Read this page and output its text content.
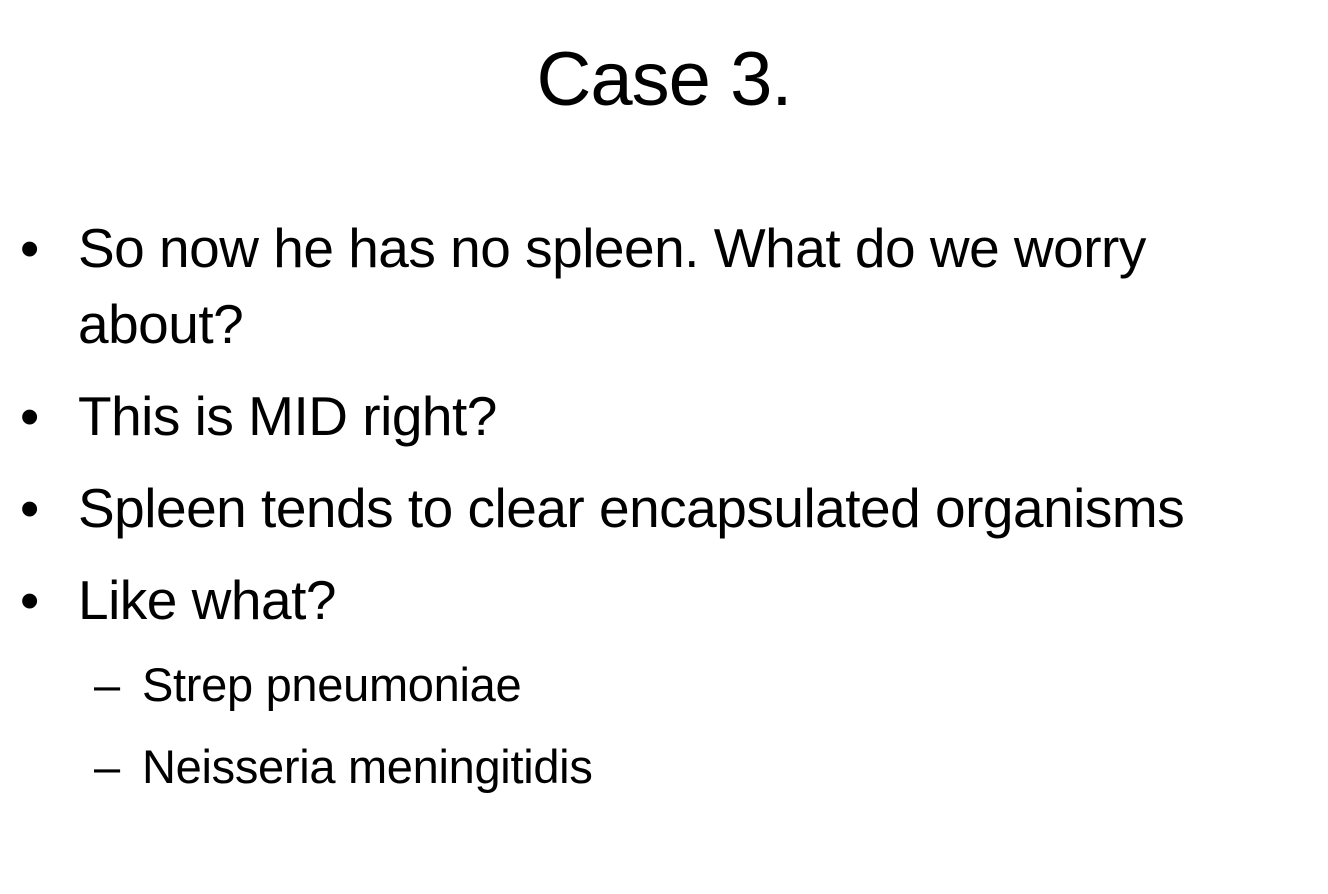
Case 3.
• So now he has no spleen. What do we worry about?
• This is MID right?
• Spleen tends to clear encapsulated organisms
• Like what?
– Strep pneumoniae
– Neisseria meningitidis
